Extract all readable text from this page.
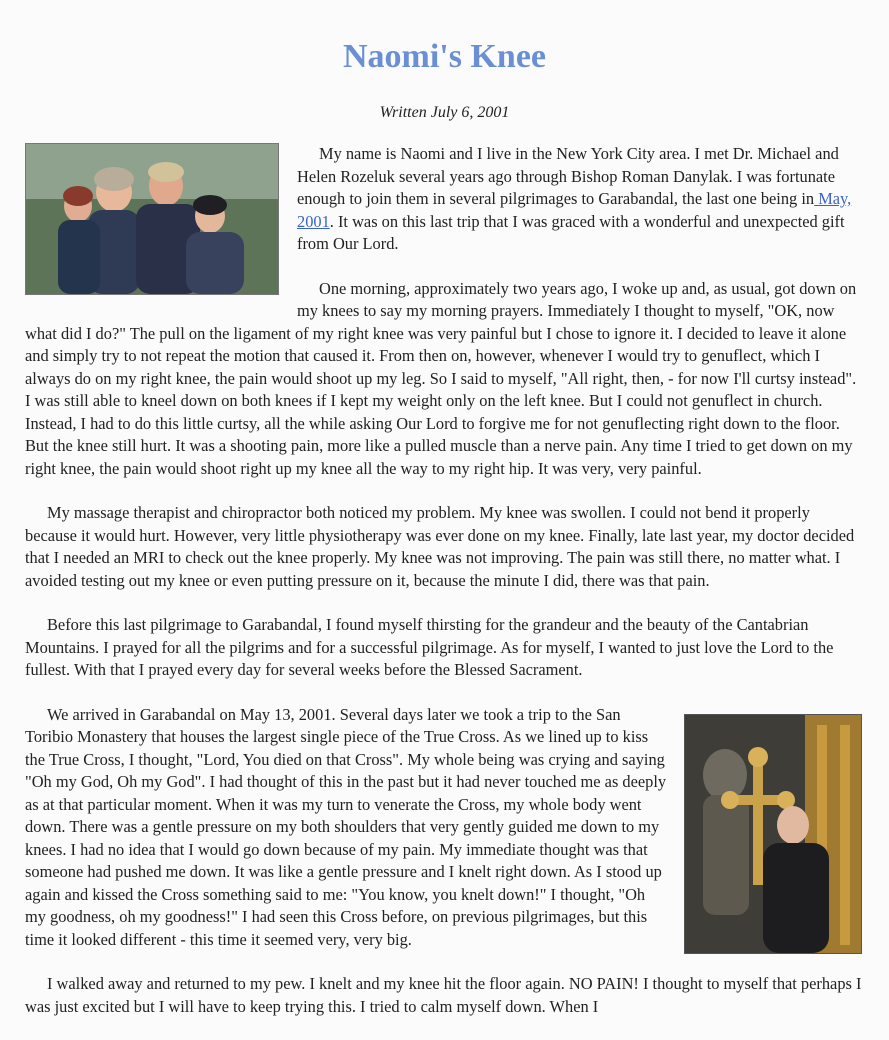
Naomi's Knee
Written July 6, 2001

My name is Naomi and I live in the New York City area. I met Dr. Michael and Helen Rozeluk several years ago through Bishop Roman Danylak. I was fortunate enough to join them in several pilgrimages to Garabandal, the last one being in May, 2001. It was on this last trip that I was graced with a wonderful and unexpected gift from Our Lord.

One morning, approximately two years ago, I woke up and, as usual, got down on my knees to say my morning prayers. Immediately I thought to myself, "OK, now what did I do?" The pull on the ligament of my right knee was very painful but I chose to ignore it. I decided to leave it alone and simply try to not repeat the motion that caused it. From then on, however, whenever I would try to genuflect, which I always do on my right knee, the pain would shoot up my leg. So I said to myself, "All right, then, - for now I'll curtsy instead". I was still able to kneel down on both knees if I kept my weight only on the left knee. But I could not genuflect in church. Instead, I had to do this little curtsy, all the while asking Our Lord to forgive me for not genuflecting right down to the floor. But the knee still hurt. It was a shooting pain, more like a pulled muscle than a nerve pain. Any time I tried to get down on my right knee, the pain would shoot right up my knee all the way to my right hip. It was very, very painful.

My massage therapist and chiropractor both noticed my problem. My knee was swollen. I could not bend it properly because it would hurt. However, very little physiotherapy was ever done on my knee. Finally, late last year, my doctor decided that I needed an MRI to check out the knee properly. My knee was not improving. The pain was still there, no matter what. I avoided testing out my knee or even putting pressure on it, because the minute I did, there was that pain.

Before this last pilgrimage to Garabandal, I found myself thirsting for the grandeur and the beauty of the Cantabrian Mountains. I prayed for all the pilgrims and for a successful pilgrimage. As for myself, I wanted to just love the Lord to the fullest. With that I prayed every day for several weeks before the Blessed Sacrament.

We arrived in Garabandal on May 13, 2001. Several days later we took a trip to the San Toribio Monastery that houses the largest single piece of the True Cross. As we lined up to kiss the True Cross, I thought, "Lord, You died on that Cross". My whole being was crying and saying "Oh my God, Oh my God". I had thought of this in the past but it had never touched me as deeply as at that particular moment. When it was my turn to venerate the Cross, my whole body went down. There was a gentle pressure on my both shoulders that very gently guided me down to my knees. I had no idea that I would go down because of my pain. My immediate thought was that someone had pushed me down. It was like a gentle pressure and I knelt right down. As I stood up again and kissed the Cross something said to me: "You know, you knelt down!" I thought, "Oh my goodness, oh my goodness!" I had seen this Cross before, on previous pilgrimages, but this time it looked different - this time it seemed very, very big.

I walked away and returned to my pew. I knelt and my knee hit the floor again. NO PAIN! I thought to myself that perhaps I was just excited but I will have to keep trying this. I tried to calm myself down. When I
